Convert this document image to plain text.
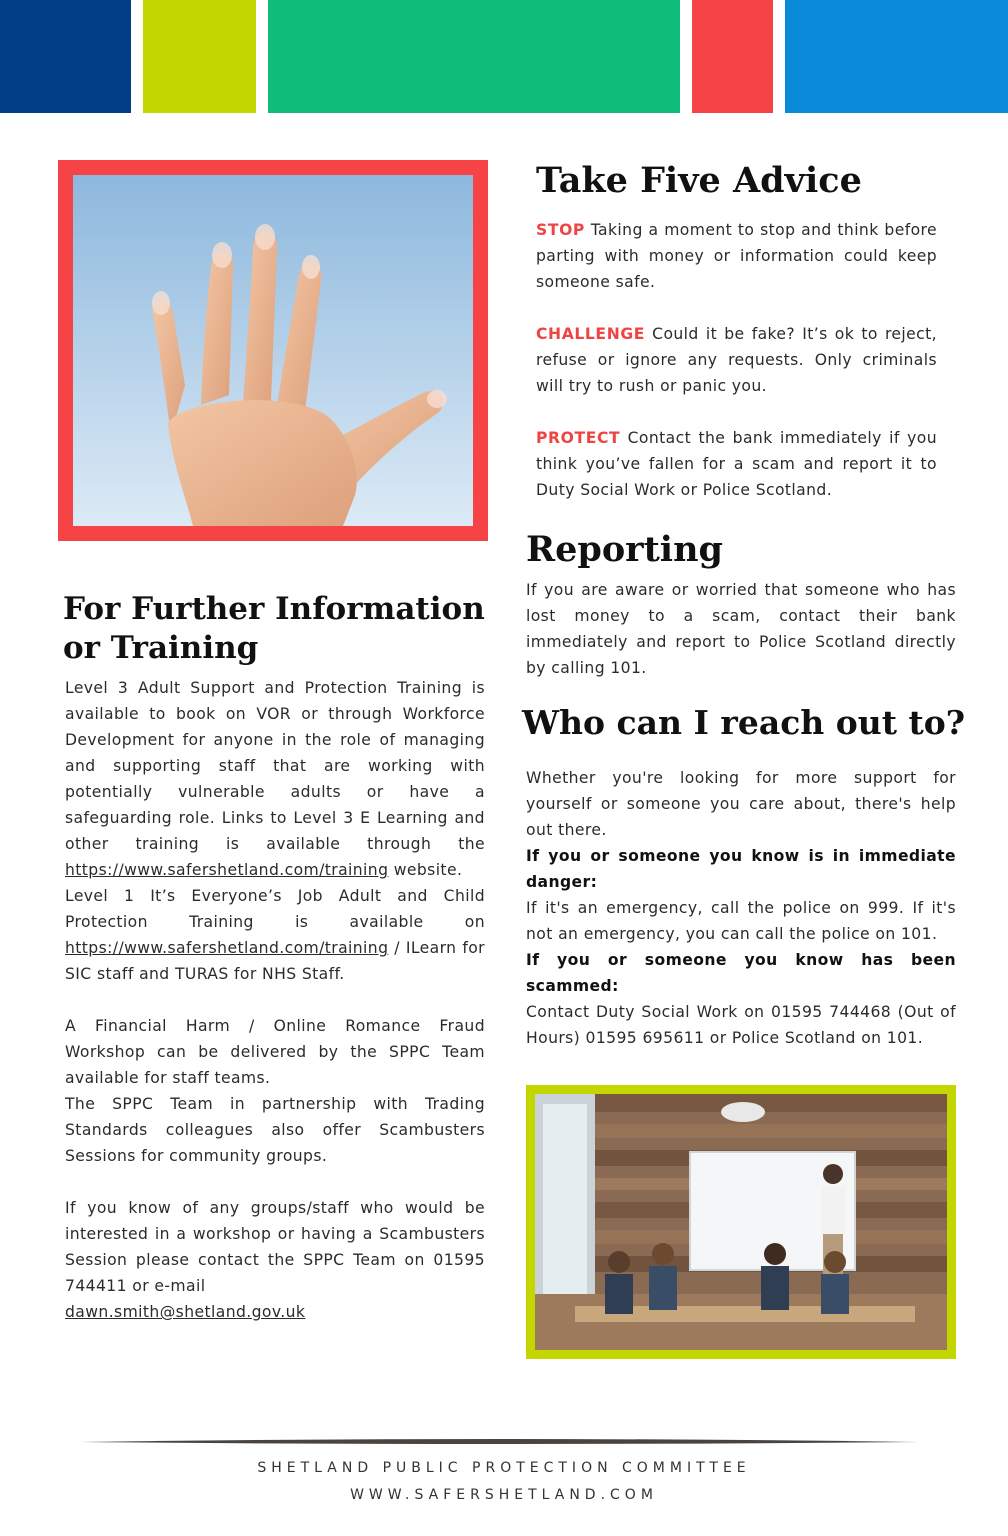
Take Five Advice

STOP Taking a moment to stop and think before parting with money or information could keep someone safe.

CHALLENGE Could it be fake? It’s ok to reject, refuse or ignore any requests. Only criminals will try to rush or panic you.

PROTECT Contact the bank immediately if you think you’ve fallen for a scam and report it to Duty Social Work or Police Scotland.

Reporting

If you are aware or worried that someone who has lost money to a scam, contact their bank immediately and report to Police Scotland directly by calling 101.

Who can I reach out to?

Whether you're looking for more support for yourself or someone you care about, there's help out there.

If you or someone you know is in immediate danger:

If it's an emergency, call the police on 999. If it's not an emergency, you can call the police on 101.

If you or someone you know has been scammed:

Contact Duty Social Work on 01595 744468 (Out of Hours) 01595 695611 or Police Scotland on 101.

For Further Information
or Training

Level 3 Adult Support and Protection Training is available to book on VOR or through Workforce Development for anyone in the role of managing and supporting staff that are working with potentially vulnerable adults or have a safeguarding role. Links to Level 3 E Learning and other training is available through the https://www.safershetland.com/training website.

Level 1 It’s Everyone’s Job Adult and Child Protection Training is available on https://www.safershetland.com/training / ILearn for SIC staff and TURAS for NHS Staff.

A Financial Harm / Online Romance Fraud Workshop can be delivered by the SPPC Team available for staff teams.

The SPPC Team in partnership with Trading Standards colleagues also offer Scambusters Sessions for community groups.

If you know of any groups/staff who would be interested in a workshop or having a Scambusters Session please contact the SPPC Team on 01595 744411 or e-mail

dawn.smith@shetland.gov.uk

SHETLAND PUBLIC PROTECTION COMMITTEE
WWW.SAFERSHETLAND.COM
